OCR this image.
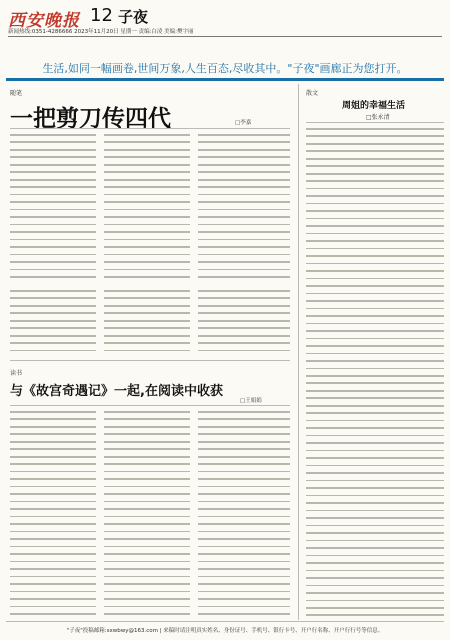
西安晚报 12 子夜
新闻热线:0351-4286666 2023年11月20日 星期一 责编:白凌 美编:樊宇丽
生活,如同一幅画卷,世间万象,人生百态,尽收其中。"子夜"画廊正为您打开。
随笔
一把剪刀传四代	□李嘉
读书
与《故宫奇遇记》一起,在阅读中收获
□王娟娟
散文
周姐的幸福生活
□张永清
"子夜"投稿邮箱:sxwbwy@163.com | 来稿时请注明真实姓名、身份证号、手机号、银行卡号、开户行名称、开户行行号等信息。
